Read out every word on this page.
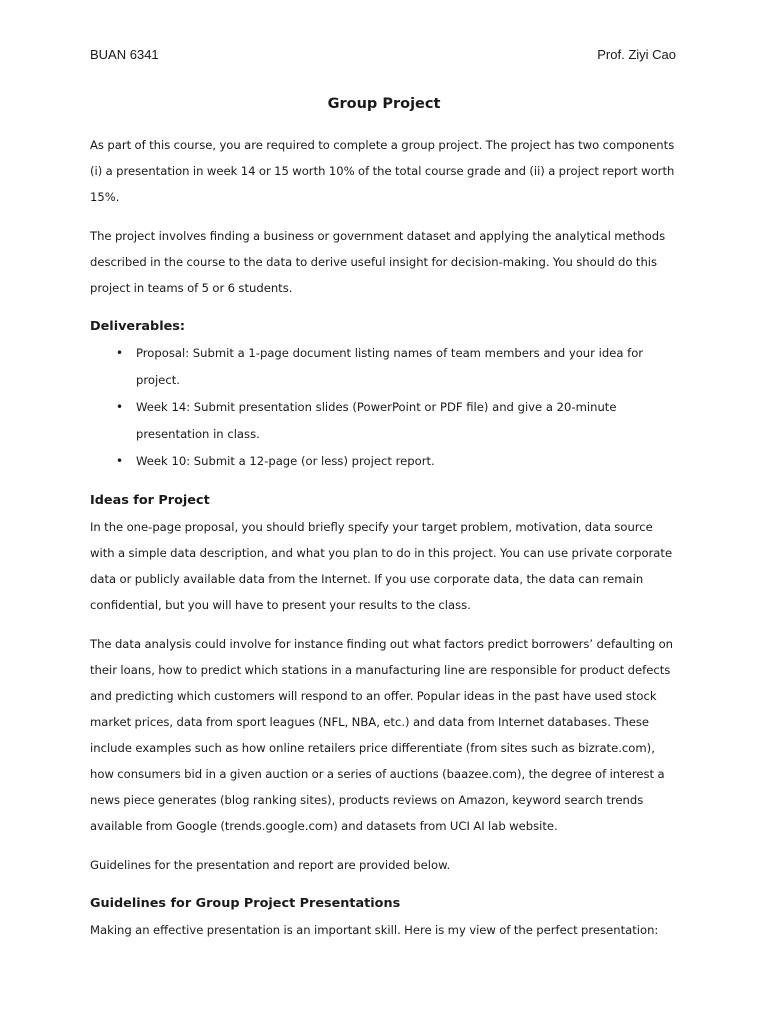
BUAN 6341	Prof. Ziyi Cao
Group Project

As part of this course, you are required to complete a group project. The project has two components (i) a presentation in week 14 or 15 worth 10% of the total course grade and (ii) a project report worth 15%.

The project involves finding a business or government dataset and applying the analytical methods described in the course to the data to derive useful insight for decision-making. You should do this project in teams of 5 or 6 students.

Deliverables:
• Proposal: Submit a 1-page document listing names of team members and your idea for project.
• Week 14: Submit presentation slides (PowerPoint or PDF file) and give a 20-minute presentation in class.
• Week 10: Submit a 12-page (or less) project report.
Ideas for Project

In the one-page proposal, you should briefly specify your target problem, motivation, data source with a simple data description, and what you plan to do in this project. You can use private corporate data or publicly available data from the Internet. If you use corporate data, the data can remain confidential, but you will have to present your results to the class.

The data analysis could involve for instance finding out what factors predict borrowers’ defaulting on their loans, how to predict which stations in a manufacturing line are responsible for product defects and predicting which customers will respond to an offer. Popular ideas in the past have used stock market prices, data from sport leagues (NFL, NBA, etc.) and data from Internet databases. These include examples such as how online retailers price differentiate (from sites such as bizrate.com), how consumers bid in a given auction or a series of auctions (baazee.com), the degree of interest a news piece generates (blog ranking sites), products reviews on Amazon, keyword search trends available from Google (trends.google.com) and datasets from UCI AI lab website.

Guidelines for the presentation and report are provided below.

Guidelines for Group Project Presentations

Making an effective presentation is an important skill. Here is my view of the perfect presentation:
